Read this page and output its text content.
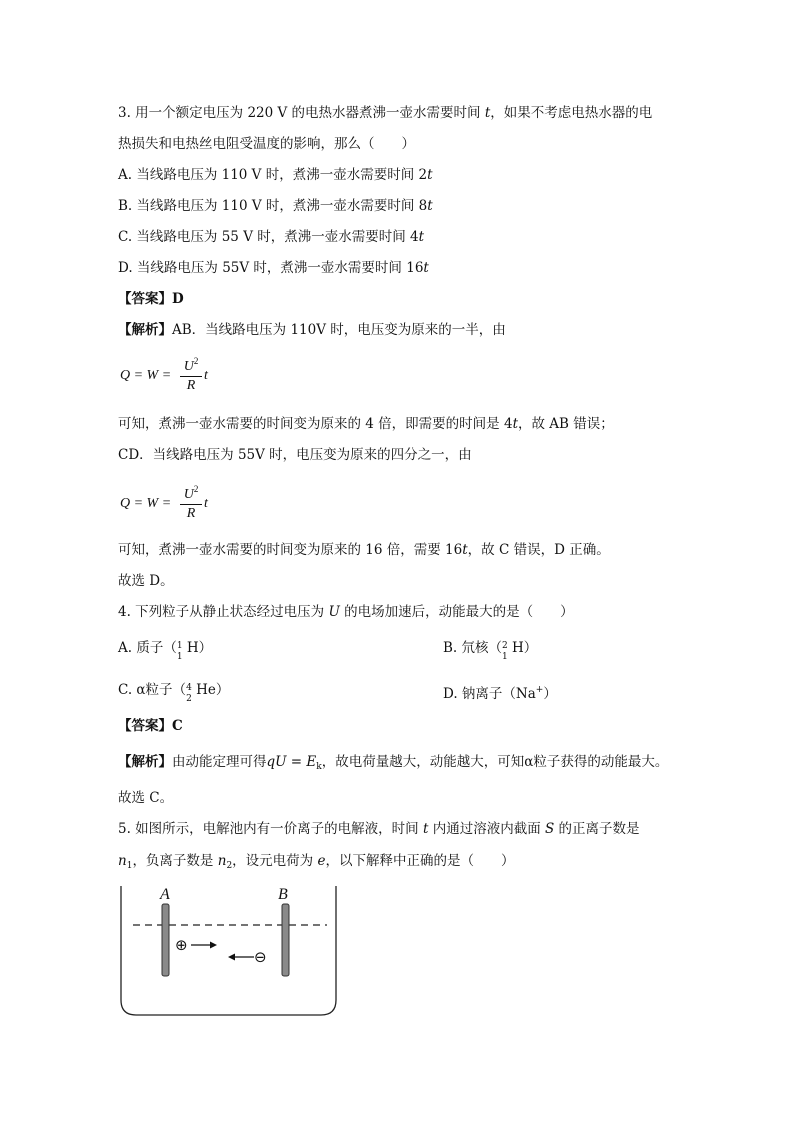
3. 用一个额定电压为 220 V 的电热水器煮沸一壶水需要时间 t，如果不考虑电热水器的电
热损失和电热丝电阻受温度的影响，那么（　　）
A. 当线路电压为 110 V 时，煮沸一壶水需要时间 2t
B. 当线路电压为 110 V 时，煮沸一壶水需要时间 8t
C. 当线路电压为 55 V 时，煮沸一壶水需要时间 4t
D. 当线路电压为 55V 时，煮沸一壶水需要时间 16t
【答案】D
【解析】AB．当线路电压为 110V 时，电压变为原来的一半，由
$Q = W = \frac{U^2}{R}$ t
可知，煮沸一壶水需要的时间变为原来的 4 倍，即需要的时间是 4t，故 AB 错误；
CD．当线路电压为 55V 时，电压变为原来的四分之一，由
$Q = W = \frac{U^2}{R}$ t
可知，煮沸一壶水需要的时间变为原来的 16 倍，需要 16t，故 C 错误，D 正确。
故选 D。
4. 下列粒子从静止状态经过电压为 U 的电场加速后，动能最大的是（　　）
A. 质子（ 1
1
H）	B. 氘核（ 2
1
H）
C. α粒子（ 4
2
He）	D. 钠离子（Na+）
【答案】C
【解析】由动能定理可得qU = $E_k$，故电荷量越大，动能越大，可知α粒子获得的动能最大。
故选 C。
5. 如图所示，电解池内有一价离子的电解液，时间 t 内通过溶液内截面 S 的正离子数是
$n_1$，负离子数是 $n_2$，设元电荷为 e，以下解释中正确的是（　　）
A	B
⊕
⊖
